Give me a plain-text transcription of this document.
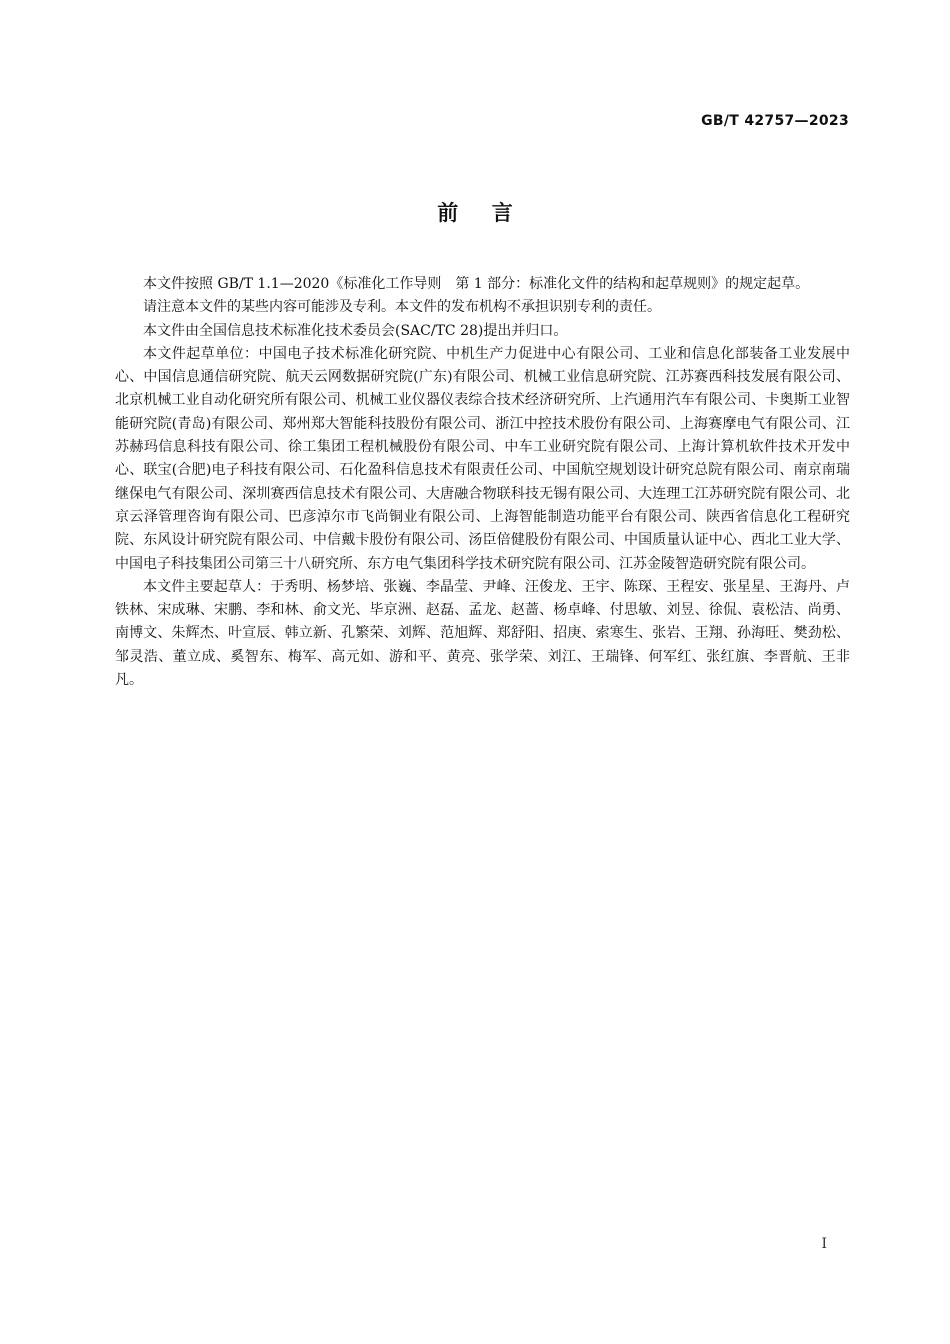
GB/T 42757—2023

前言

本文件按照 GB/T 1.1—2020《标准化工作导则　第 1 部分：标准化文件的结构和起草规则》的规定起草。

请注意本文件的某些内容可能涉及专利。本文件的发布机构不承担识别专利的责任。

本文件由全国信息技术标准化技术委员会(SAC/TC 28)提出并归口。

本文件起草单位：中国电子技术标准化研究院、中机生产力促进中心有限公司、工业和信息化部装备工业发展中心、中国信息通信研究院、航天云网数据研究院(广东)有限公司、机械工业信息研究院、江苏赛西科技发展有限公司、北京机械工业自动化研究所有限公司、机械工业仪器仪表综合技术经济研究所、上汽通用汽车有限公司、卡奥斯工业智能研究院(青岛)有限公司、郑州郑大智能科技股份有限公司、浙江中控技术股份有限公司、上海赛摩电气有限公司、江苏赫玛信息科技有限公司、徐工集团工程机械股份有限公司、中车工业研究院有限公司、上海计算机软件技术开发中心、联宝(合肥)电子科技有限公司、石化盈科信息技术有限责任公司、中国航空规划设计研究总院有限公司、南京南瑞继保电气有限公司、深圳赛西信息技术有限公司、大唐融合物联科技无锡有限公司、大连理工江苏研究院有限公司、北京云泽管理咨询有限公司、巴彦淖尔市飞尚铜业有限公司、上海智能制造功能平台有限公司、陕西省信息化工程研究院、东风设计研究院有限公司、中信戴卡股份有限公司、汤臣倍健股份有限公司、中国质量认证中心、西北工业大学、中国电子科技集团公司第三十八研究所、东方电气集团科学技术研究院有限公司、江苏金陵智造研究院有限公司。

本文件主要起草人：于秀明、杨梦培、张巍、李晶莹、尹峰、汪俊龙、王宇、陈琛、王程安、张星星、王海丹、卢铁林、宋成琳、宋鹏、李和林、俞文光、毕京洲、赵磊、孟龙、赵蔷、杨卓峰、付思敏、刘昱、徐侃、袁松洁、尚勇、南博文、朱辉杰、叶宣辰、韩立新、孔繁荣、刘辉、范旭辉、郑舒阳、招庚、索寒生、张岩、王翔、孙海旺、樊劲松、邹灵浩、董立成、奚智东、梅军、高元如、游和平、黄亮、张学荣、刘江、王瑞锋、何军红、张红旗、李晋航、王非凡。

I
